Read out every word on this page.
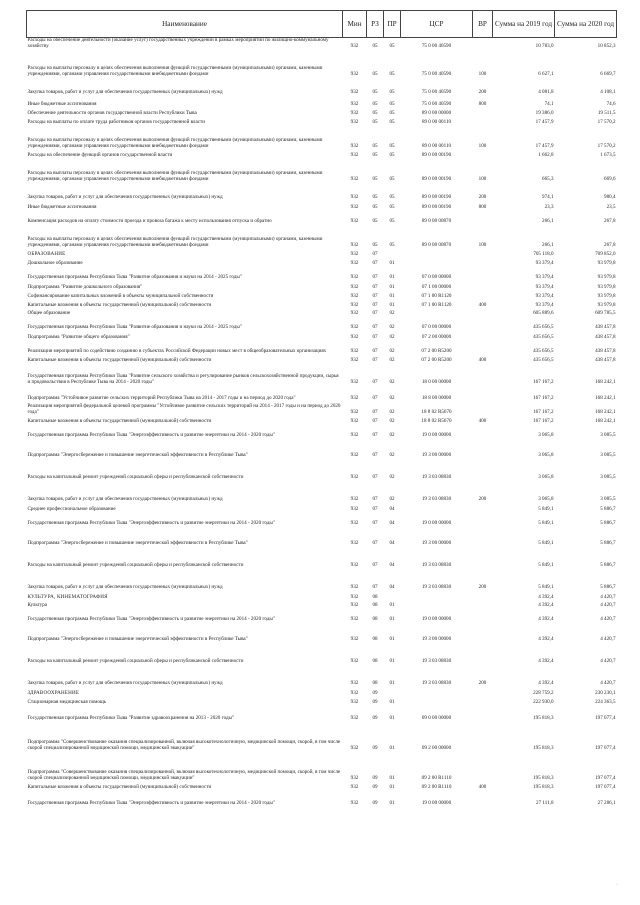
Наименование	Мин	РЗ	ПР	ЦСР	ВР	Сумма на 2019 год	Сумма на 2020 год
Расходы на обеспечение деятельности (оказание услуг) государственных учреждений в рамках мероприятий по жилищно-коммунальному хозяйству	932	05	05	75 0 00 40590		10 783,0	10 852,3
Расходы на выплаты персоналу в целях обеспечения выполнения функций государственными (муниципальными) органами, казенными учреждениями, органами управления государственными внебюджетными фондами	932	05	05	75 0 00 40590	100	6 627,1	6 669,7
Закупка товаров, работ и услуг для обеспечения государственных (муниципальных) нужд	932	05	05	75 0 00 40590	200	4 081,8	4 108,1
Иные бюджетные ассигнования	932	05	05	75 0 00 40590	800	74,1	74,6
Обеспечение деятельности органов государственной власти Республики Тыва	932	05	05	89 0 00 00000		19 386,0	19 511,5
Расходы на выплаты по оплате труда работников органов государственной власти	932	05	05	89 0 00 00110		17 457,9	17 570,2
Расходы на выплаты персоналу в целях обеспечения выполнения функций государственными (муниципальными) органами, казенными учреждениями, органами управления государственными внебюджетными фондами	932	05	05	89 0 00 00110	100	17 457,9	17 570,2
Расходы на обеспечение функций органов государственной власти	932	05	05	89 0 00 00190		1 662,8	1 673,5
Расходы на выплаты персоналу в целях обеспечения выполнения функций государственными (муниципальными) органами, казенными учреждениями, органами управления государственными внебюджетными фондами	932	05	05	89 0 00 00190	100	665,3	669,6
Закупка товаров, работ и услуг для обеспечения государственных (муниципальных) нужд	932	05	05	89 0 00 00190	200	974,1	980,4
Иные бюджетные ассигнования	932	05	05	89 0 00 00190	800	23,3	23,5
Компенсация расходов на оплату стоимости проезда и провоза багажа к месту использования отпуска и обратно	932	05	05	89 0 00 00870		266,1	267,8
Расходы на выплаты персоналу в целях обеспечения выполнения функций государственными (муниципальными) органами, казенными учреждениями, органами управления государственными внебюджетными фондами	932	05	05	89 0 00 00870	100	266,1	267,8
ОБРАЗОВАНИЕ	932	07				705 118,0	709 852,0
Дошкольное образование	932	07	01			93 379,4	93 979,8
Государственная программа Республики Тыва "Развитие образования и науки на 2014 - 2025 годы"	932	07	01	07 0 00 00000		93 379,4	93 979,8
Подпрограмма "Развитие дошкольного образования"	932	07	01	07 1 00 00000		93 379,4	93 979,8
Софинансирование капитальных вложений в объекты муниципальной собственности	932	07	01	07 1 00 R1120		93 379,4	93 979,8
Капитальные вложения в объекты государственной (муниципальной) собственности	932	07	01	07 1 00 R1120	400	93 379,4	93 979,8
Общее образование	932	07	02			605 889,6	609 785,5
Государственная программа Республики Тыва "Развитие образования и науки на 2014 - 2025 годы"	932	07	02	07 0 00 00000		435 656,5	438 457,8
Подпрограмма "Развитие общего образования"	932	07	02	07 2 00 00000		435 656,5	438 457,8
Реализация мероприятий по содействию созданию в субъектах Российской Федерации новых мест в общеобразовательных организациях	932	07	02	07 2 00 R5200		435 656,5	438 457,8
Капитальные вложения в объекты государственной (муниципальной) собственности	932	07	02	07 2 00 R5200	400	435 656,5	438 457,8
Государственная программа Республики Тыва "Развитие сельского хозяйства и регулирование рынков сельскохозяйственной продукции, сырья и продовольствия в Республике Тыва на 2014 - 2020 годы"	932	07	02	18 0 00 00000		167 167,2	168 242,1
Подпрограмма "Устойчивое развитие сельских территорий Республики Тыва на 2014 - 2017 годы и на период до 2020 года"	932	07	02	18 8 00 00000		167 167,2	168 242,1
Реализация мероприятий федеральной целевой программы "Устойчивое развитие сельских территорий на 2014 - 2017 годы и на период до 2020 года"	932	07	02	18 8 02 R5670		167 167,2	168 242,1
Капитальные вложения в объекты государственной (муниципальной) собственности	932	07	02	18 8 02 R5670	400	167 167,2	168 242,1
Государственная программа Республики Тыва "Энергоэффективность и развитие энергетики на 2014 - 2020 годы"	932	07	02	19 0 00 00000		3 065,8	3 085,5
Подпрограмма "Энергосбережение и повышение энергетической эффективности в Республике Тыва"	932	07	02	19 3 00 00000		3 065,8	3 085,5
Расходы на капитальный ремонт учреждений социальной сферы и республиканской собственности	932	07	02	19 3 03 08830		3 065,8	3 085,5
Закупка товаров, работ и услуг для обеспечения государственных (муниципальных) нужд	932	07	02	19 3 03 08830	200	3 065,8	3 085,5
Среднее профессиональное образование	932	07	04			5 849,1	5 886,7
Государственная программа Республики Тыва "Энергоэффективность и развитие энергетики на 2014 - 2020 годы"	932	07	04	19 0 00 00000		5 849,1	5 886,7
Подпрограмма "Энергосбережение и повышение энергетической эффективности в Республике Тыва"	932	07	04	19 3 00 00000		5 849,1	5 886,7
Расходы на капитальный ремонт учреждений социальной сферы и республиканской собственности	932	07	04	19 3 03 08830		5 849,1	5 886,7
Закупка товаров, работ и услуг для обеспечения государственных (муниципальных) нужд	932	07	04	19 3 03 08830	200	5 849,1	5 886,7
КУЛЬТУРА, КИНЕМАТОГРАФИЯ	932	08				4 392,4	4 420,7
Культура	932	08	01			4 392,4	4 420,7
Государственная программа Республики Тыва "Энергоэффективность и развитие энергетики на 2014 - 2020 годы"	932	08	01	19 0 00 00000		4 392,4	4 420,7
Подпрограмма "Энергосбережение и повышение энергетической эффективности в Республике Тыва"	932	08	01	19 3 00 00000		4 392,4	4 420,7
Расходы на капитальный ремонт учреждений социальной сферы и республиканской собственности	932	08	01	19 3 03 08830		4 392,4	4 420,7
Закупка товаров, работ и услуг для обеспечения государственных (муниципальных) нужд	932	08	01	19 3 03 08830	200	4 392,4	4 420,7
ЗДРАВООХРАНЕНИЕ	932	09				228 759,2	230 230,1
Стационарная медицинская помощь	932	09	01			222 930,0	224 363,5
Государственная программа Республики Тыва "Развитие здравоохранения на 2013 - 2020 годы"	932	09	01	09 0 00 00000		195 818,3	197 077,4
Подпрограмма "Совершенствование оказания специализированной, включая высокотехнологичную, медицинской помощи, скорой, в том числе скорой специализированной медицинской помощи, медицинской эвакуации"	932	09	01	09 2 00 00000		195 818,3	197 077,4
Подпрограмма "Совершенствование оказания специализированной, включая высокотехнологичную, медицинской помощи, скорой, в том числе скорой специализированной медицинской помощи, медицинской эвакуации"	932	09	01	09 2 00 R1110		195 818,3	197 077,4
Капитальные вложения в объекты государственной (муниципальной) собственности	932	09	01	09 2 00 R1110	400	195 818,3	197 077,4
Государственная программа Республики Тыва "Энергоэффективность и развитие энергетики на 2014 - 2020 годы"	932	09	01	19 0 00 00000		27 111,8	27 286,1
·
